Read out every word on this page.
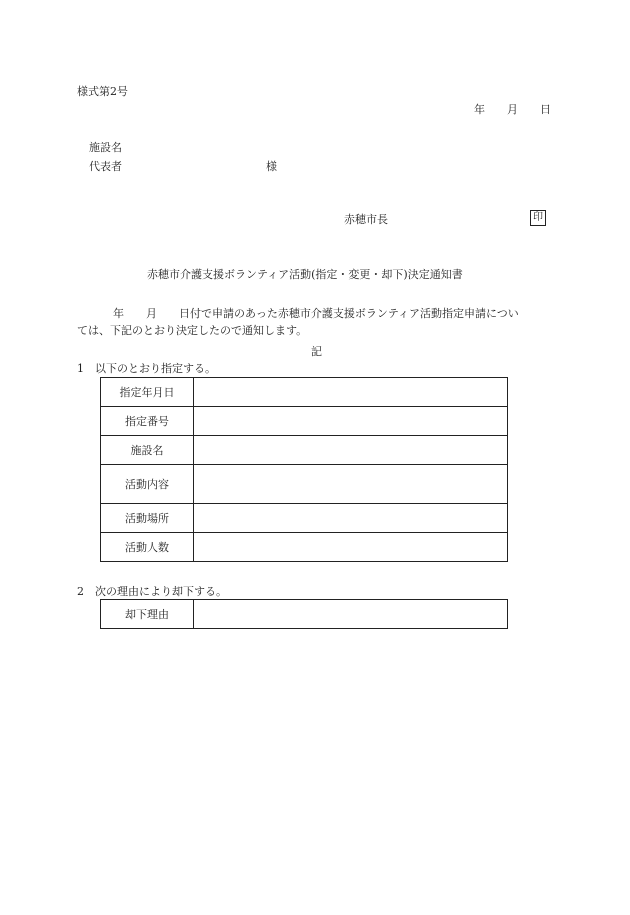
様式第2号
年 月 日
施設名
代表者	様
赤穂市長	印
赤穂市介護支援ボランティア活動(指定・変更・却下)決定通知書
年 月 日付で申請のあった赤穂市介護支援ボランティア活動指定申請につい
ては、下記のとおり決定したので通知します。
記
1 以下のとおり指定する。
指定年月日	
指定番号	
施設名	
活動内容	
活動場所	
活動人数	
2 次の理由により却下する。
却下理由	
